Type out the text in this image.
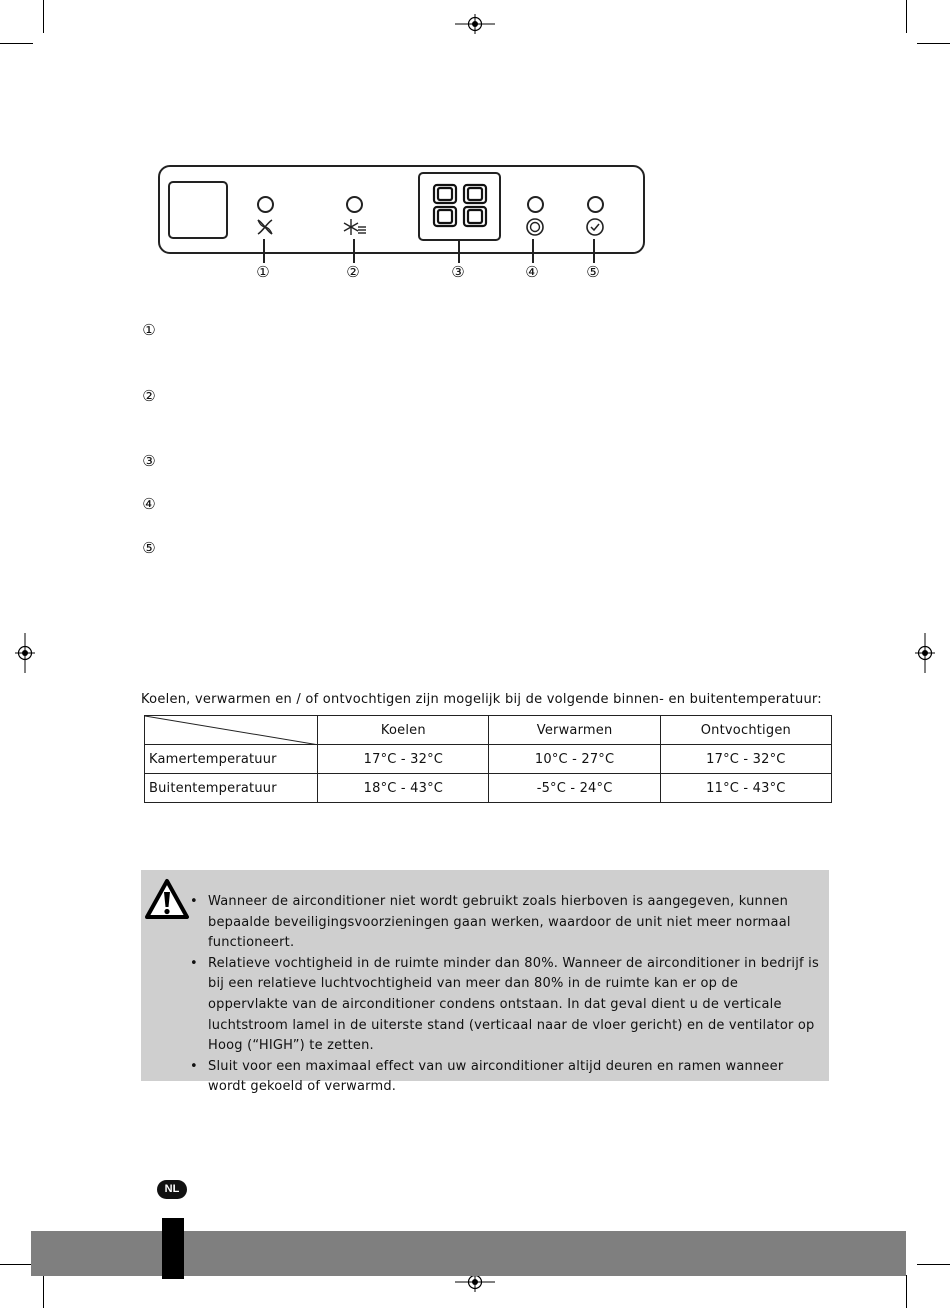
①	②	③	④	⑤
①
②
③
④
⑤
Koelen, verwarmen en / of ontvochtigen zijn mogelijk bij de volgende binnen- en buitentemperatuur:
	Koelen	Verwarmen	Ontvochtigen
Kamertemperatuur	17°C - 32°C	10°C - 27°C	17°C - 32°C
Buitentemperatuur	18°C - 43°C	-5°C - 24°C	11°C - 43°C
• Wanneer de airconditioner niet wordt gebruikt zoals hierboven is aangegeven, kunnen bepaalde beveiligingsvoorzieningen gaan werken, waardoor de unit niet meer normaal functioneert.
• Relatieve vochtigheid in de ruimte minder dan 80%. Wanneer de airconditioner in bedrijf is bij een relatieve luchtvochtigheid van meer dan 80% in de ruimte kan er op de oppervlakte van de airconditioner condens ontstaan. In dat geval dient u de verticale luchtstroom lamel in de uiterste stand (verticaal naar de vloer gericht) en de ventilator op Hoog (“HIGH”) te zetten.
• Sluit voor een maximaal effect van uw airconditioner altijd deuren en ramen wanneer wordt gekoeld of verwarmd.
NL
